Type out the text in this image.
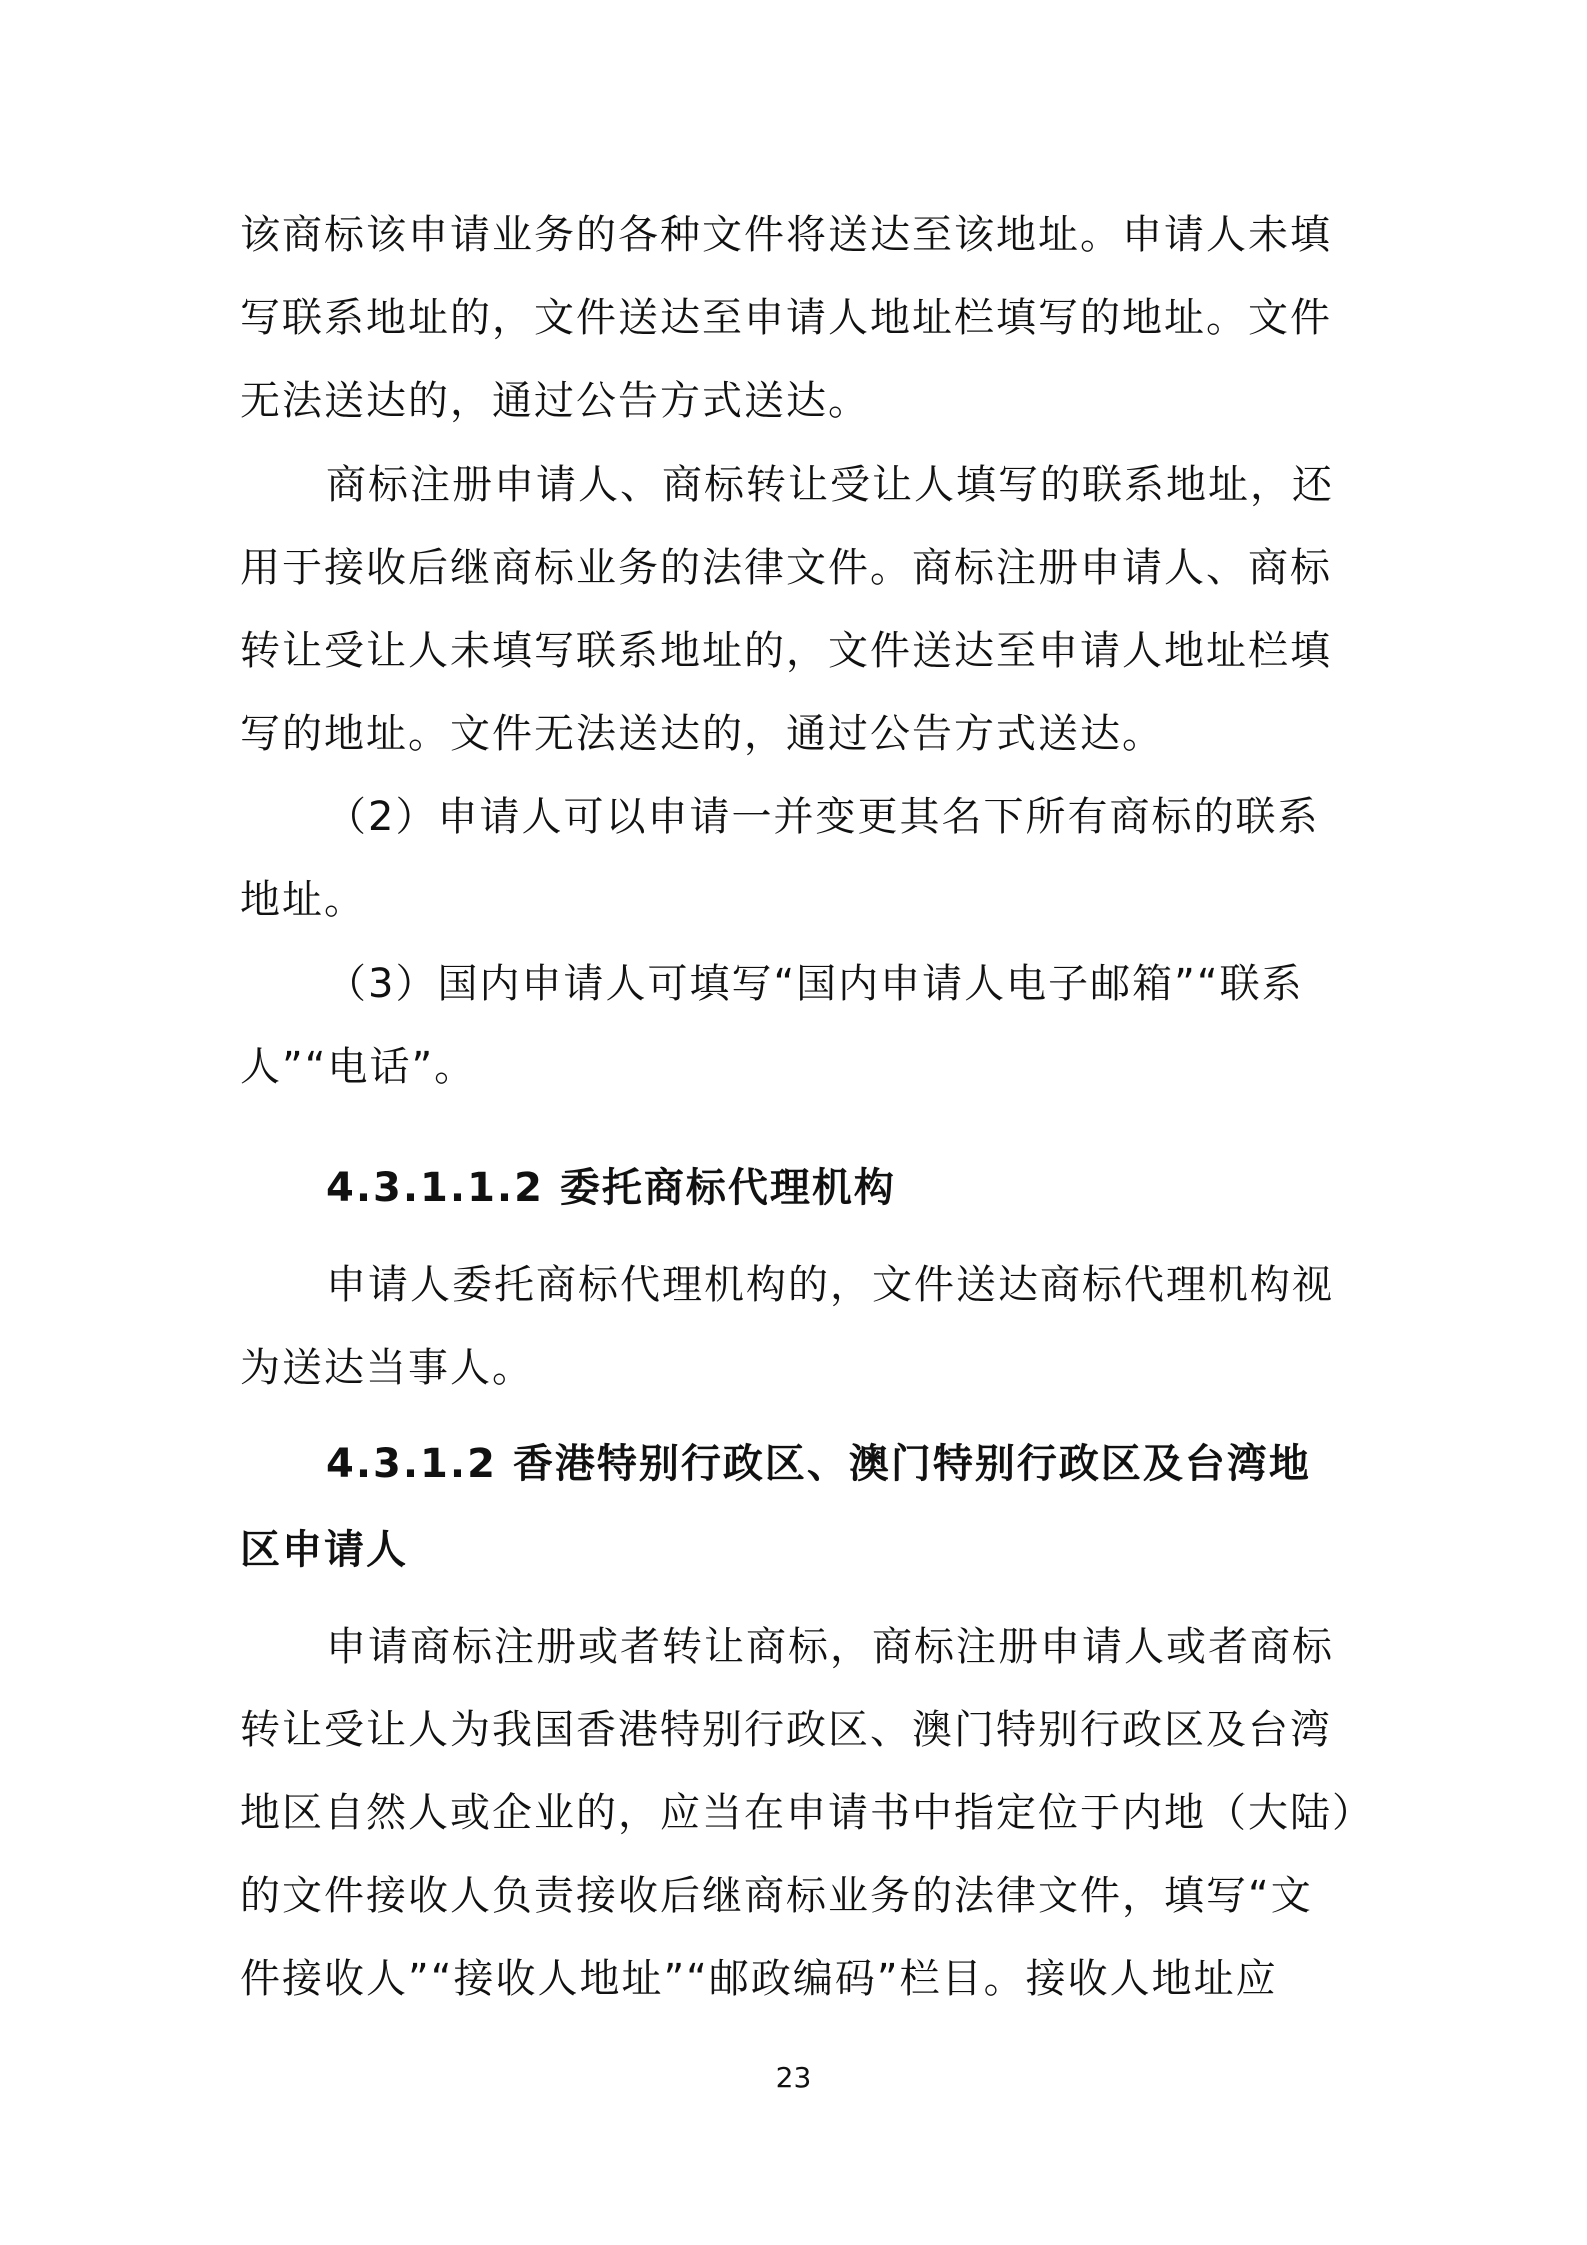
该商标该申请业务的各种文件将送达至该地址。申请人未填
写联系地址的，文件送达至申请人地址栏填写的地址。文件
无法送达的，通过公告方式送达。
商标注册申请人、商标转让受让人填写的联系地址，还
用于接收后继商标业务的法律文件。商标注册申请人、商标
转让受让人未填写联系地址的，文件送达至申请人地址栏填
写的地址。文件无法送达的，通过公告方式送达。
（2）申请人可以申请一并变更其名下所有商标的联系
地址。
（3）国内申请人可填写“国内申请人电子邮箱”“联系
人”“电话”。
4.3.1.1.2 委托商标代理机构
申请人委托商标代理机构的，文件送达商标代理机构视
为送达当事人。
4.3.1.2 香港特别行政区、澳门特别行政区及台湾地
区申请人
申请商标注册或者转让商标，商标注册申请人或者商标
转让受让人为我国香港特别行政区、澳门特别行政区及台湾
地区自然人或企业的，应当在申请书中指定位于内地（大陆）
的文件接收人负责接收后继商标业务的法律文件，填写“文
件接收人”“接收人地址”“邮政编码”栏目。接收人地址应
23
